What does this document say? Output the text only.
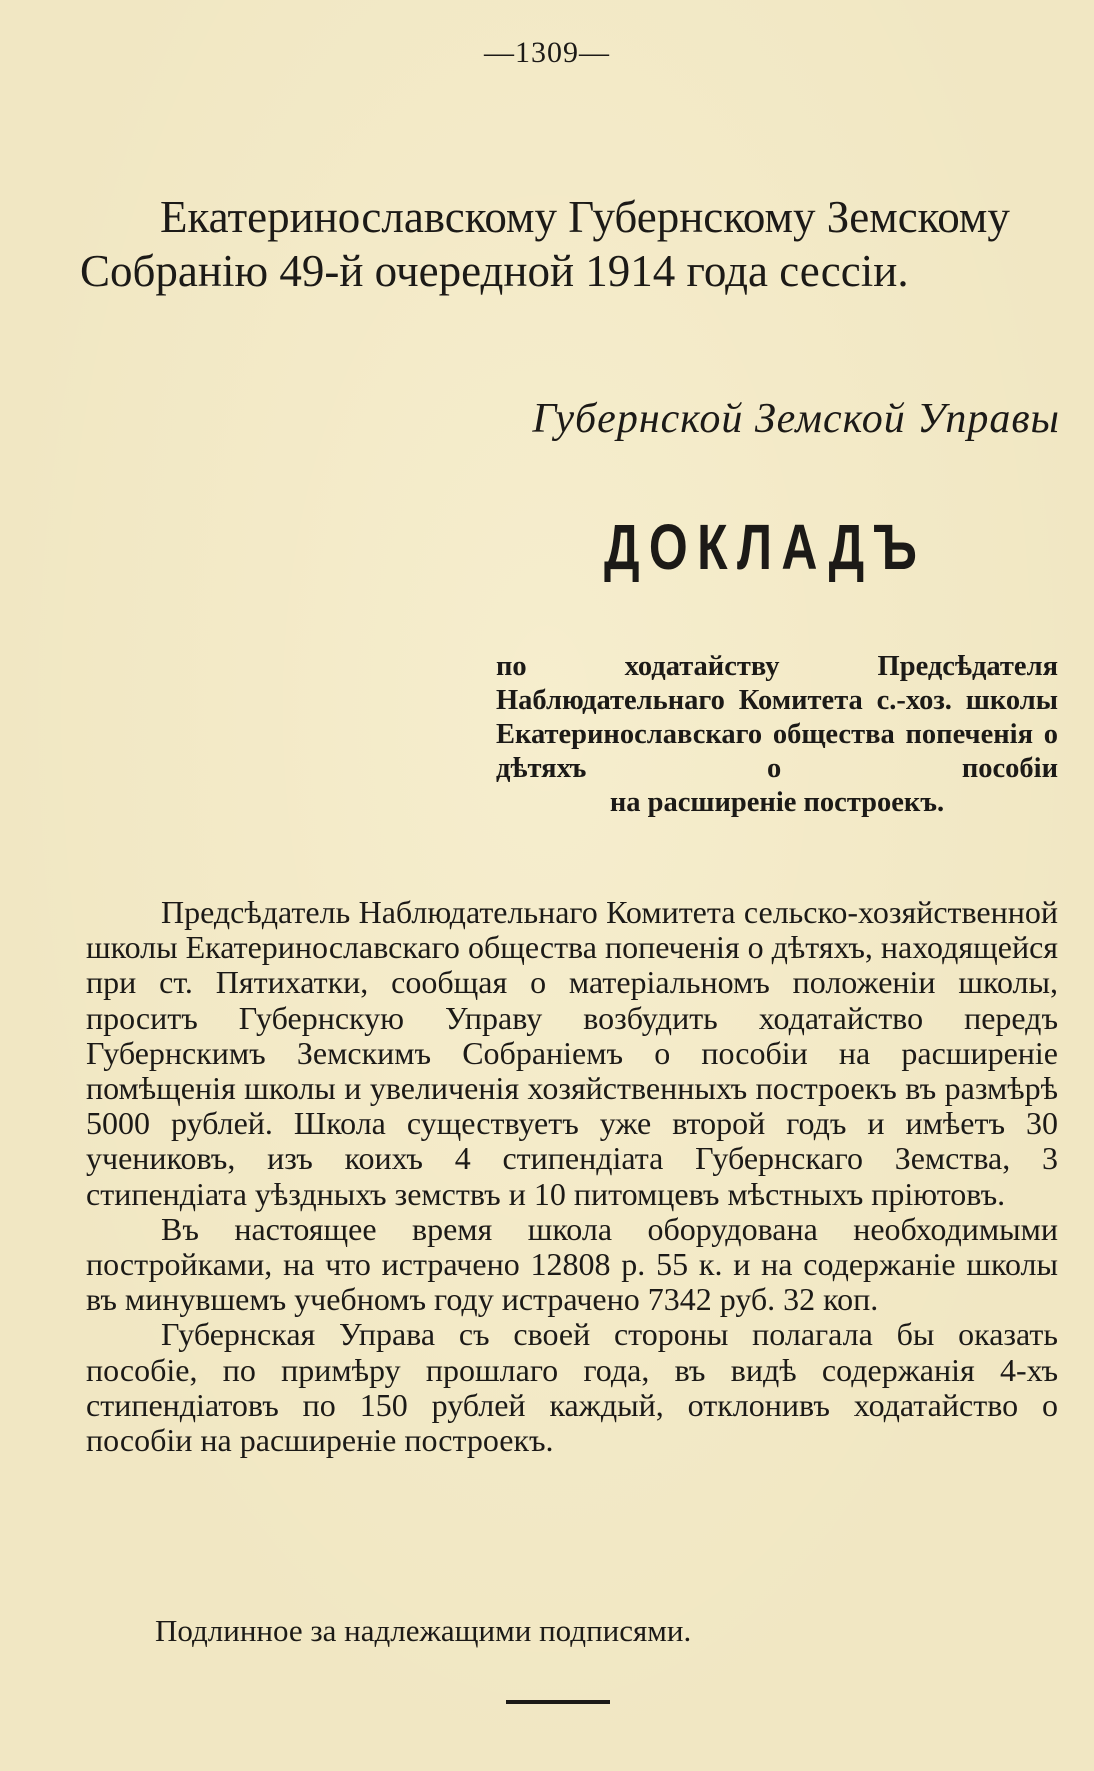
—1309—
Екатеринославскому Губернскому Земскому
Собранію 49-й очередной 1914 года сессіи.
Губернской Земской Управы
ДОКЛАДЪ
по ходатайству Предсѣдателя Наблюдательнаго Комитета с.-хоз. школы Екатеринославскаго общества попеченія о дѣтяхъ о пособіи
на расширеніе построекъ.

Предсѣдатель Наблюдательнаго Комитета сельско-хозяйственной школы Екатеринославскаго общества попеченія о дѣтяхъ, находящейся при ст. Пятихатки, сообщая о матеріальномъ положеніи школы, проситъ Губернскую Управу возбудить ходатайство передъ Губернскимъ Земскимъ Собраніемъ о пособіи на расширеніе помѣщенія школы и увеличенія хозяйственныхъ построекъ въ размѣрѣ 5000 рублей. Школа существуетъ уже второй годъ и имѣетъ 30 учениковъ, изъ коихъ 4 стипендіата Губернскаго Земства, 3 стипендіата уѣздныхъ земствъ и 10 питомцевъ мѣстныхъ пріютовъ.

Въ настоящее время школа оборудована необходимыми постройками, на что истрачено 12808 р. 55 к. и на содержаніе школы въ минувшемъ учебномъ году истрачено 7342 руб. 32 коп.

Губернская Управа съ своей стороны полагала бы оказать пособіе, по примѣру прошлаго года, въ видѣ содержанія 4-хъ стипендіатовъ по 150 рублей каждый, отклонивъ ходатайство о пособіи на расширеніе построекъ.

Подлинное за надлежащими подписями.
